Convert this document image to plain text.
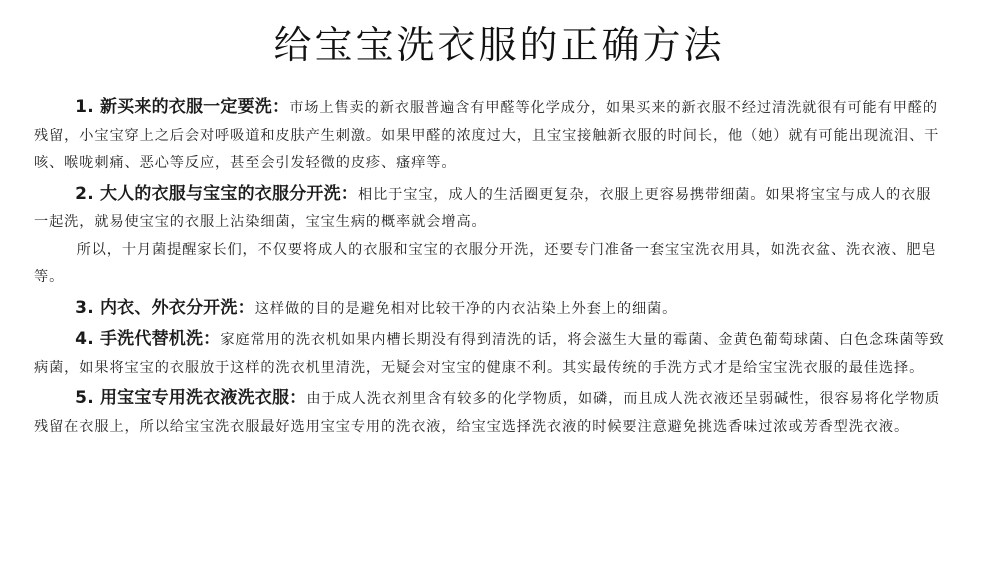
给宝宝洗衣服的正确方法

1. 新买来的衣服一定要洗：市场上售卖的新衣服普遍含有甲醛等化学成分，如果买来的新衣服不经过清洗就很有可能有甲醛的残留，小宝宝穿上之后会对呼吸道和皮肤产生刺激。如果甲醛的浓度过大，且宝宝接触新衣服的时间长，他（她）就有可能出现流泪、干咳、喉咙刺痛、恶心等反应，甚至会引发轻微的皮疹、瘙痒等。

2. 大人的衣服与宝宝的衣服分开洗：相比于宝宝，成人的生活圈更复杂，衣服上更容易携带细菌。如果将宝宝与成人的衣服一起洗，就易使宝宝的衣服上沾染细菌，宝宝生病的概率就会增高。

所以，十月菌提醒家长们，不仅要将成人的衣服和宝宝的衣服分开洗，还要专门准备一套宝宝洗衣用具，如洗衣盆、洗衣液、肥皂等。

3. 内衣、外衣分开洗：这样做的目的是避免相对比较干净的内衣沾染上外套上的细菌。

4. 手洗代替机洗：家庭常用的洗衣机如果内槽长期没有得到清洗的话，将会滋生大量的霉菌、金黄色葡萄球菌、白色念珠菌等致病菌，如果将宝宝的衣服放于这样的洗衣机里清洗，无疑会对宝宝的健康不利。其实最传统的手洗方式才是给宝宝洗衣服的最佳选择。

5. 用宝宝专用洗衣液洗衣服：由于成人洗衣剂里含有较多的化学物质，如磷，而且成人洗衣液还呈弱碱性，很容易将化学物质残留在衣服上，所以给宝宝洗衣服最好选用宝宝专用的洗衣液，给宝宝选择洗衣液的时候要注意避免挑选香味过浓或芳香型洗衣液。
